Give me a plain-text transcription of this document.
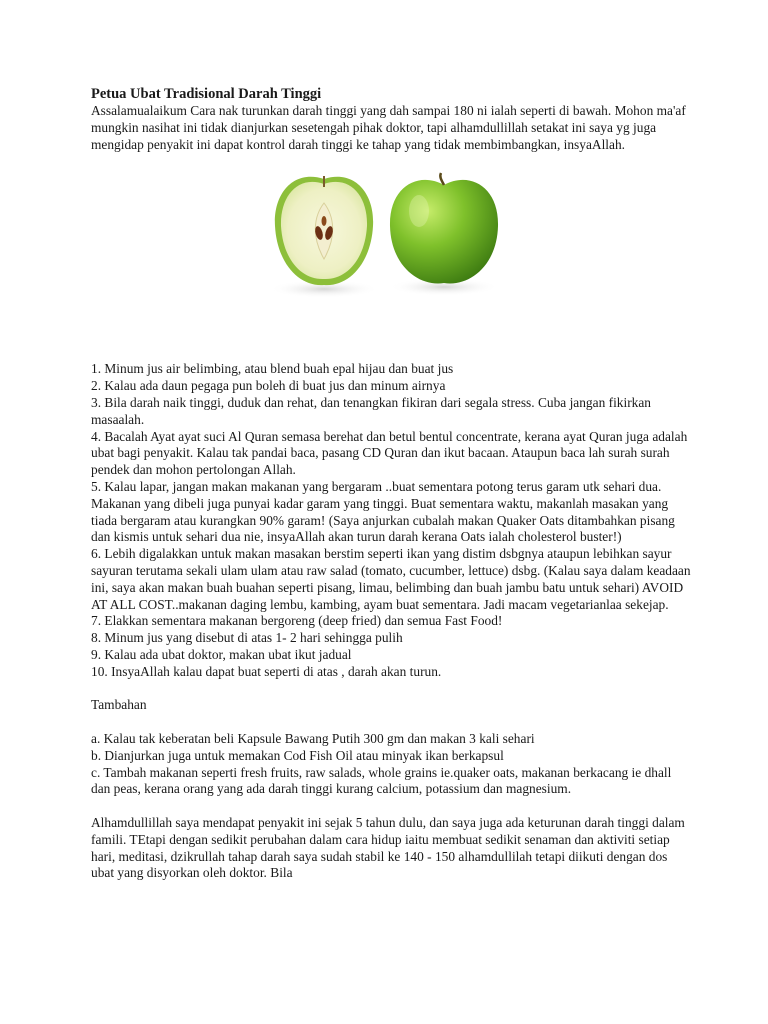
Petua Ubat Tradisional Darah Tinggi

Assalamualaikum Cara nak turunkan darah tinggi yang dah sampai 180 ni ialah seperti di bawah. Mohon ma'af mungkin nasihat ini tidak dianjurkan sesetengah pihak doktor, tapi alhamdullillah setakat ini saya yg juga mengidap penyakit ini dapat kontrol darah tinggi ke tahap yang tidak membimbangkan, insyaAllah.

1. Minum jus air belimbing, atau blend buah epal hijau dan buat jus
2. Kalau ada daun pegaga pun boleh di buat jus dan minum airnya
3. Bila darah naik tinggi, duduk dan rehat, dan tenangkan fikiran dari segala stress. Cuba jangan fikirkan masaalah.
4. Bacalah Ayat ayat suci Al Quran semasa berehat dan betul bentul concentrate, kerana ayat Quran juga adalah ubat bagi penyakit. Kalau tak pandai baca, pasang CD Quran dan ikut bacaan. Ataupun baca lah surah surah pendek dan mohon pertolongan Allah.
5. Kalau lapar, jangan makan makanan yang bergaram ..buat sementara potong terus garam utk sehari dua. Makanan yang dibeli juga punyai kadar garam yang tinggi. Buat sementara waktu, makanlah masakan yang tiada bergaram atau kurangkan 90% garam! (Saya anjurkan cubalah makan Quaker Oats ditambahkan pisang dan kismis untuk sehari dua nie, insyaAllah akan turun darah kerana Oats ialah cholesterol buster!)
6. Lebih digalakkan untuk makan masakan berstim seperti ikan yang distim dsbgnya ataupun lebihkan sayur sayuran terutama sekali ulam ulam atau raw salad (tomato, cucumber, lettuce) dsbg. (Kalau saya dalam keadaan ini, saya akan makan buah buahan seperti pisang, limau, belimbing dan buah jambu batu untuk sehari) AVOID AT ALL COST..makanan daging lembu, kambing, ayam buat sementara. Jadi macam vegetarianlaa sekejap.
7. Elakkan sementara makanan bergoreng (deep fried) dan semua Fast Food!
8. Minum jus yang disebut di atas 1- 2 hari sehingga pulih
9. Kalau ada ubat doktor, makan ubat ikut jadual
10. InsyaAllah kalau dapat buat seperti di atas , darah akan turun.

Tambahan

a. Kalau tak keberatan beli Kapsule Bawang Putih 300 gm dan makan 3 kali sehari
b. Dianjurkan juga untuk memakan Cod Fish Oil atau minyak ikan berkapsul
c. Tambah makanan seperti fresh fruits, raw salads, whole grains ie.quaker oats, makanan berkacang ie dhall dan peas, kerana orang yang ada darah tinggi kurang calcium, potassium dan magnesium.

Alhamdullillah saya mendapat penyakit ini sejak 5 tahun dulu, dan saya juga ada keturunan darah tinggi dalam famili. TEtapi dengan sedikit perubahan dalam cara hidup iaitu membuat sedikit senaman dan aktiviti setiap hari, meditasi, dzikrullah tahap darah saya sudah stabil ke 140 - 150 alhamdullilah tetapi diikuti dengan dos ubat yang disyorkan oleh doktor. Bila
